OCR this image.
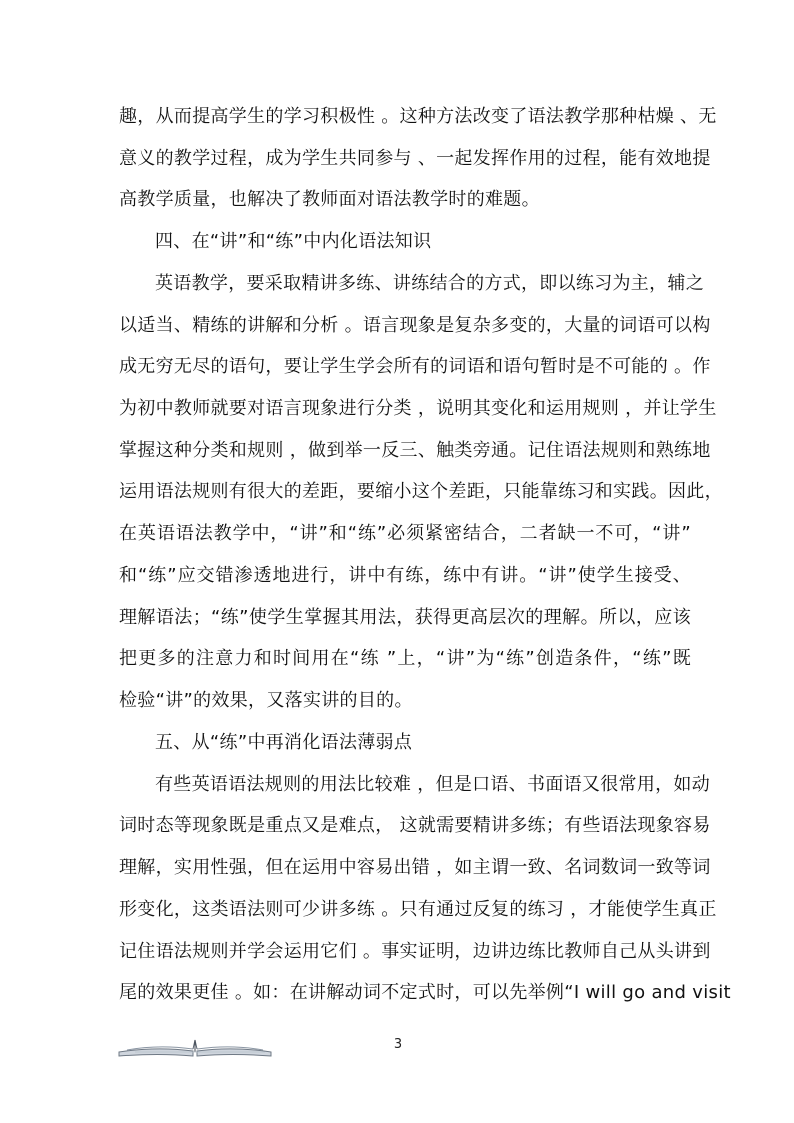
趣，从而提高学生的学习积极性 。这种方法改变了语法教学那种枯燥 、无
意义的教学过程，成为学生共同参与 、一起发挥作用的过程，能有效地提
高教学质量，也解决了教师面对语法教学时的难题。
四、在“讲”和“练”中内化语法知识
英语教学，要采取精讲多练、讲练结合的方式，即以练习为主，辅之
以适当、精练的讲解和分析 。语言现象是复杂多变的，大量的词语可以构
成无穷无尽的语句，要让学生学会所有的词语和语句暂时是不可能的 。作
为初中教师就要对语言现象进行分类 ，说明其变化和运用规则 ，并让学生
掌握这种分类和规则 ，做到举一反三、触类旁通。记住语法规则和熟练地
运用语法规则有很大的差距，要缩小这个差距，只能靠练习和实践。因此，
在英语语法教学中，“讲”和“练”必须紧密结合，二者缺一不可，“讲”
和“练”应交错渗透地进行，讲中有练，练中有讲。“讲”使学生接受、
理解语法；“练”使学生掌握其用法，获得更高层次的理解。所以，应该
把更多的注意力和时间用在“练 ”上，“讲”为“练”创造条件，“练”既
检验“讲”的效果，又落实讲的目的。
五、从“练”中再消化语法薄弱点
有些英语语法规则的用法比较难 ，但是口语、书面语又很常用，如动
词时态等现象既是重点又是难点， 这就需要精讲多练；有些语法现象容易
理解，实用性强，但在运用中容易出错 ，如主谓一致、名词数词一致等词
形变化，这类语法则可少讲多练 。只有通过反复的练习 ，才能使学生真正
记住语法规则并学会运用它们 。事实证明，边讲边练比教师自己从头讲到
尾的效果更佳 。如：在讲解动词不定式时，可以先举例“I will go and visit
3
